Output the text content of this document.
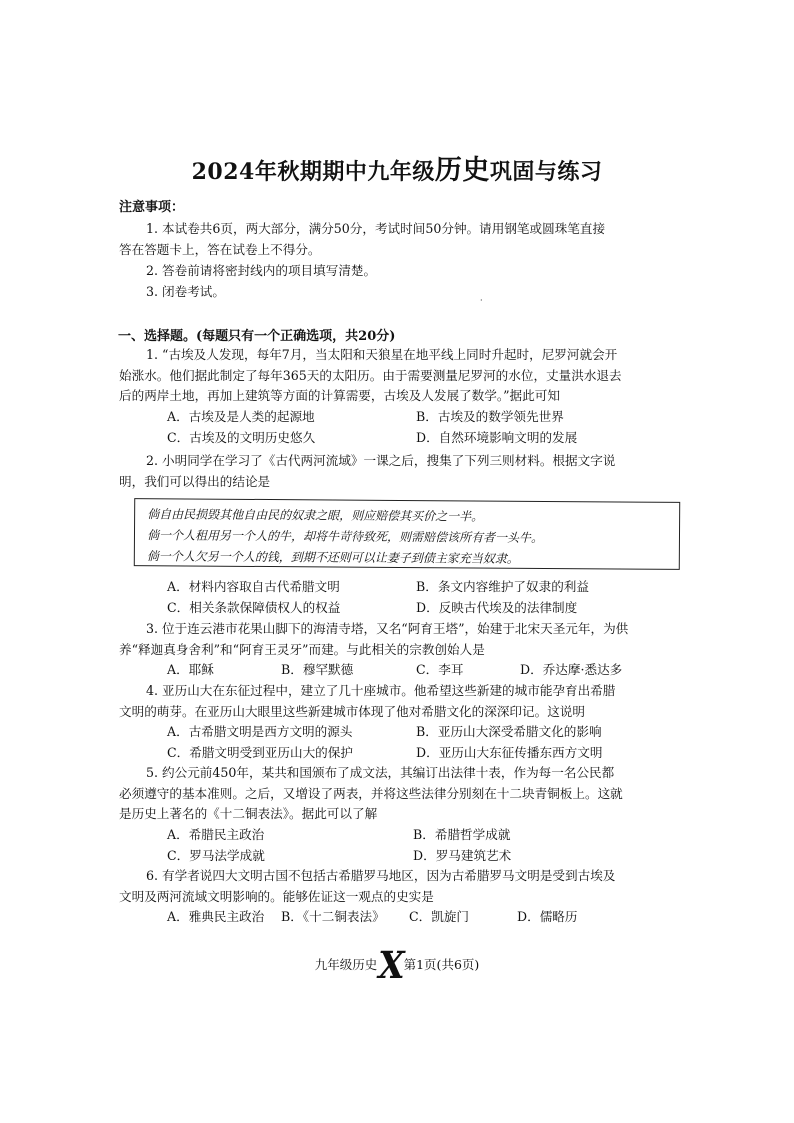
2024年秋期期中九年级历史巩固与练习
注意事项：
1. 本试卷共6页，两大部分，满分50分，考试时间50分钟。请用钢笔或圆珠笔直接
答在答题卡上，答在试卷上不得分。
2. 答卷前请将密封线内的项目填写清楚。
3. 闭卷考试。
·
一、选择题。(每题只有一个正确选项，共20分)
1. “古埃及人发现，每年7月，当太阳和天狼星在地平线上同时升起时，尼罗河就会开
始涨水。他们据此制定了每年365天的太阳历。由于需要测量尼罗河的水位，丈量洪水退去
后的两岸土地，再加上建筑等方面的计算需要，古埃及人发展了数学。”据此可知
A．古埃及是人类的起源地	B．古埃及的数学领先世界
C．古埃及的文明历史悠久	D．自然环境影响文明的发展
2. 小明同学在学习了《古代两河流域》一课之后，搜集了下列三则材料。根据文字说
明，我们可以得出的结论是
倘自由民损毁其他自由民的奴隶之眼，则应赔偿其买价之一半。
倘一个人租用另一个人的牛，却将牛苛待致死，则需赔偿该所有者一头牛。
倘一个人欠另一个人的钱，到期不还则可以让妻子到债主家充当奴隶。
A．材料内容取自古代希腊文明	B．条文内容维护了奴隶的利益
C．相关条款保障债权人的权益	D．反映古代埃及的法律制度
3. 位于连云港市花果山脚下的海清寺塔，又名“阿育王塔”，始建于北宋天圣元年，为供
养“释迦真身舍利”和“阿育王灵牙”而建。与此相关的宗教创始人是
A．耶稣	B．穆罕默德	C．李耳	D．乔达摩·悉达多
4. 亚历山大在东征过程中，建立了几十座城市。他希望这些新建的城市能孕育出希腊
文明的萌芽。在亚历山大眼里这些新建城市体现了他对希腊文化的深深印记。这说明
A．古希腊文明是西方文明的源头	B．亚历山大深受希腊文化的影响
C．希腊文明受到亚历山大的保护	D．亚历山大东征传播东西方文明
5. 约公元前450年，某共和国颁布了成文法，其编订出法律十表，作为每一名公民都
必须遵守的基本准则。之后，又增设了两表，并将这些法律分别刻在十二块青铜板上。这就
是历史上著名的《十二铜表法》。据此可以了解
A．希腊民主政治	B．希腊哲学成就
C．罗马法学成就	D．罗马建筑艺术
6. 有学者说四大文明古国不包括古希腊罗马地区，因为古希腊罗马文明是受到古埃及
文明及两河流域文明影响的。能够佐证这一观点的史实是
A．雅典民主政治 B．《十二铜表法》 C．凯旋门	D．儒略历
九年级历史X第1页(共6页)
